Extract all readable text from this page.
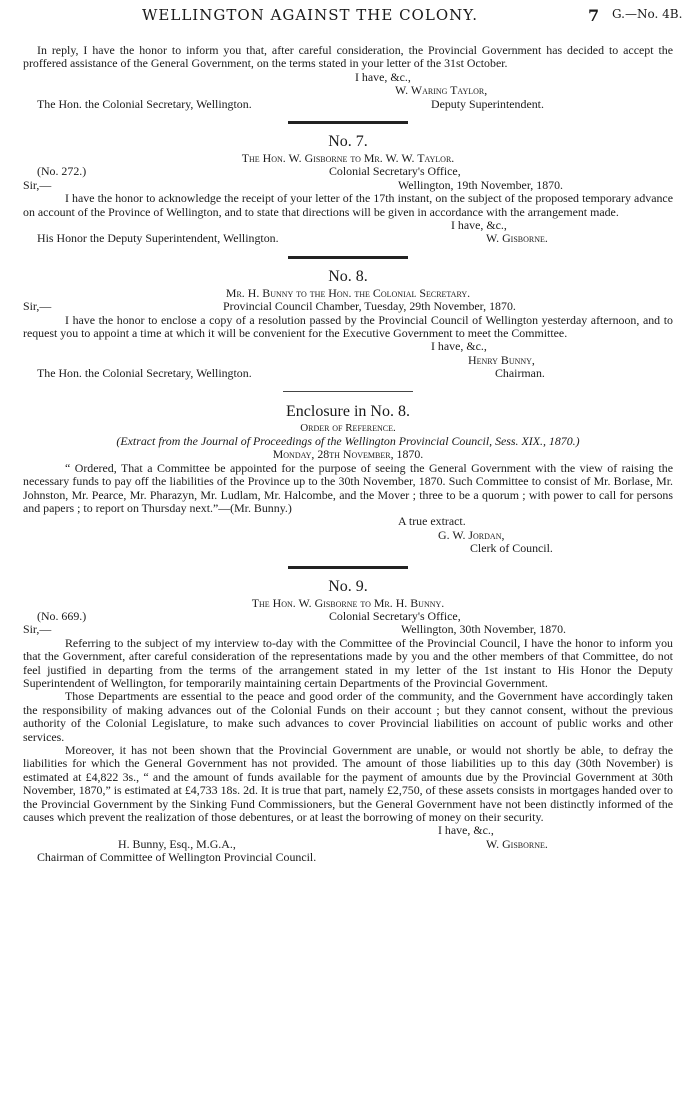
WELLINGTON AGAINST THE COLONY.	7 G.—No. 4B.

In reply, I have the honor to inform you that, after careful consideration, the Provincial Government has decided to accept the proffered assistance of the General Government, on the terms stated in your letter of the 31st October.

I have, &c.,
W. Waring Taylor,
The Hon. the Colonial Secretary, Wellington.	Deputy Superintendent.
No. 7.
The Hon. W. Gisborne to Mr. W. W. Taylor.
(No. 272.)	Colonial Secretary's Office,
Sir,—	Wellington, 19th November, 1870.

I have the honor to acknowledge the receipt of your letter of the 17th instant, on the subject of the proposed temporary advance on account of the Province of Wellington, and to state that directions will be given in accordance with the arrangement made.

I have, &c.,
His Honor the Deputy Superintendent, Wellington.	W. Gisborne.
No. 8.
Mr. H. Bunny to the Hon. the Colonial Secretary.
Sir,—	Provincial Council Chamber, Tuesday, 29th November, 1870.

I have the honor to enclose a copy of a resolution passed by the Provincial Council of Wellington yesterday afternoon, and to request you to appoint a time at which it will be convenient for the Executive Government to meet the Committee.

I have, &c.,
Henry Bunny,
The Hon. the Colonial Secretary, Wellington.	Chairman.
Enclosure in No. 8.
Order of Reference.
(Extract from the Journal of Proceedings of the Wellington Provincial Council, Sess. XIX., 1870.)
Monday, 28th November, 1870.

“ Ordered, That a Committee be appointed for the purpose of seeing the General Government with the view of raising the necessary funds to pay off the liabilities of the Province up to the 30th November, 1870. Such Committee to consist of Mr. Borlase, Mr. Johnston, Mr. Pearce, Mr. Pharazyn, Mr. Ludlam, Mr. Halcombe, and the Mover ; three to be a quorum ; with power to call for persons and papers ; to report on Thursday next.”—(Mr. Bunny.)

A true extract.
G. W. Jordan,
Clerk of Council.
No. 9.
The Hon. W. Gisborne to Mr. H. Bunny.
(No. 669.)	Colonial Secretary's Office,
Sir,—	Wellington, 30th November, 1870.

Referring to the subject of my interview to-day with the Committee of the Provincial Council, I have the honor to inform you that the Government, after careful consideration of the representations made by you and the other members of that Committee, do not feel justified in departing from the terms of the arrangement stated in my letter of the 1st instant to His Honor the Deputy Superintendent of Wellington, for temporarily maintaining certain Departments of the Provincial Government.

Those Departments are essential to the peace and good order of the community, and the Government have accordingly taken the responsibility of making advances out of the Colonial Funds on their account ; but they cannot consent, without the previous authority of the Colonial Legislature, to make such advances to cover Provincial liabilities on account of public works and other services.

Moreover, it has not been shown that the Provincial Government are unable, or would not shortly be able, to defray the liabilities for which the General Government has not provided. The amount of those liabilities up to this day (30th November) is estimated at £4,822 3s., “ and the amount of funds available for the payment of amounts due by the Provincial Government at 30th November, 1870,” is estimated at £4,733 18s. 2d. It is true that part, namely £2,750, of these assets consists in mortgages handed over to the Provincial Government by the Sinking Fund Commissioners, but the General Government have not been distinctly informed of the causes which prevent the realization of those debentures, or at least the borrowing of money on their security.

I have, &c.,
H. Bunny, Esq., M.G.A.,	W. Gisborne.
Chairman of Committee of Wellington Provincial Council.
